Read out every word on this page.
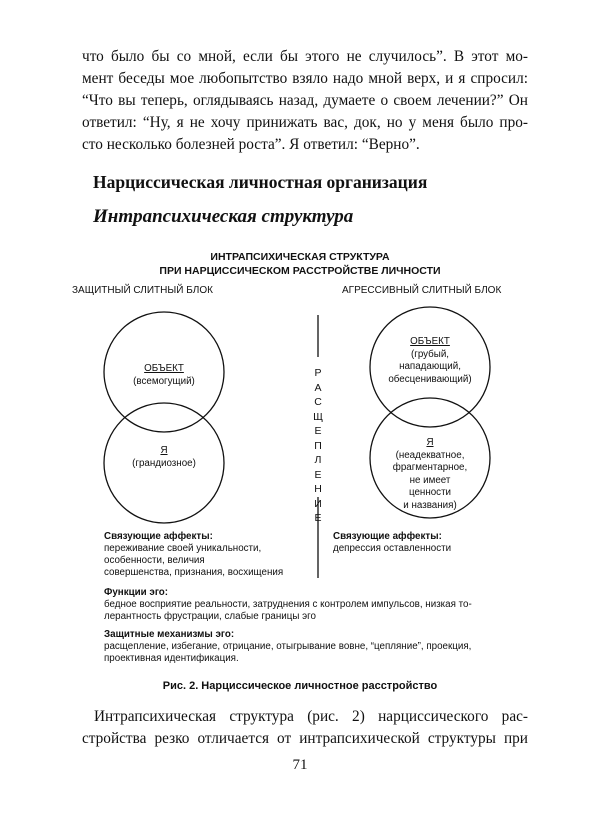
что было бы со мной, если бы этого не случилось”. В этот мо-
мент беседы мое любопытство взяло надо мной верх, и я спросил:
“Что вы теперь, оглядываясь назад, думаете о своем лечении?” Он
ответил: “Ну, я не хочу принижать вас, док, но у меня было про-
сто несколько болезней роста”. Я ответил: “Верно”.
Нарциссическая личностная организация
Интрапсихическая структура
ИНТРАПСИХИЧЕСКАЯ СТРУКТУРА
ПРИ НАРЦИССИЧЕСКОМ РАССТРОЙСТВЕ ЛИЧНОСТИ
ЗАЩИТНЫЙ СЛИТНЫЙ БЛОК	АГРЕССИВНЫЙ СЛИТНЫЙ БЛОК
ОБЪЕКТ
(всемогущий)
Я
(грандиозное)
ОБЪЕКТ
(грубый,
нападающий,
обесценивающий)
Я
(неадекватное,
фрагментарное,
не имеет
ценности
и названия)
Р
А
С
Щ
Е
П
Л
Е
Н
И
Е
Связующие аффекты:
переживание своей уникальности,
особенности, величия
совершенства, признания, восхищения
Связующие аффекты:
депрессия оставленности
Функции эго:
бедное восприятие реальности, затруднения с контролем импульсов, низкая то-
лерантность фрустрации, слабые границы эго
Защитные механизмы эго:
расщепление, избегание, отрицание, отыгрывание вовне, “цепляние”, проекция,
проективная идентификация.
Рис. 2. Нарциссическое личностное расстройство
Интрапсихическая структура (рис. 2) нарциссического рас-
стройства резко отличается от интрапсихической структуры при
71
